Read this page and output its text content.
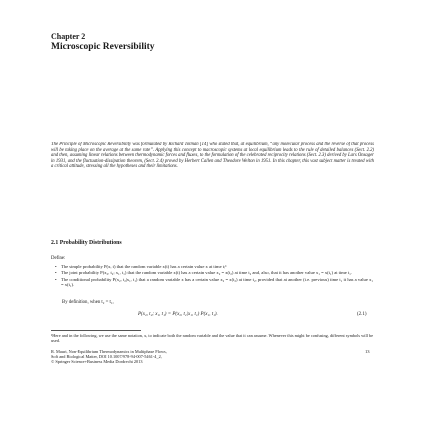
Chapter 2
Microscopic Reversibility
The Principle of Microscopic Reversibility was formulated by Richard Tolman [14] who stated that, at equilibrium, “any molecular process and the reverse of that process will be taking place on the average at the same rate”. Applying this concept to macroscopic systems at local equilibrium leads to the rule of detailed balances (Sect. 2.2) and then, assuming linear relations between thermodynamic forces and fluxes, to the formulation of the celebrated reciprocity relations (Sect. 2.3) derived by Lars Onsager in 1931, and the fluctuation-dissipation theorem, (Sect. 2.4) proved by Herbert Callen and Theodore Welton in 1951. In this chapter, this vast subject matter is treated with a critical attitude, stressing all the hypotheses and their limitations.
2.1 Probability Distributions
Define:
• The simple probability P(x, t) that the random variable x(t) has a certain value x at time t;¹
• The joint probability P(x₂, t₂; x₁, t₁) that the random variable x(t) has a certain value x₂ = x(t₂) at time t₂ and, also, that it has another value x₁ = x(t₁) at time t₁.
• The conditional probability P(x₂, t₂|x₁, t₁) that a random variable x has a certain value x₂ = x(t₂) at time t₂, provided that at another (i.e. previous) time t₁ it has a value x₁ = x(t₁).
By definition, when t₂ = t₁,
P(x₂, t₂; x₁, t₁) = P(x₂, t₂|x₁, t₁) P(x₁, t₁).	(2.1)
¹Here and in the following, we use the same notation, x, to indicate both the random variable and the value that it can assume. Whenever this might be confusing, different symbols will be used.
R. Mauri, Non-Equilibrium Thermodynamics in Multiphase Flows,
Soft and Biological Matter, DOI 10.1007/978-94-007-5461-4_2,
© Springer Science+Business Media Dordrecht 2013
13
